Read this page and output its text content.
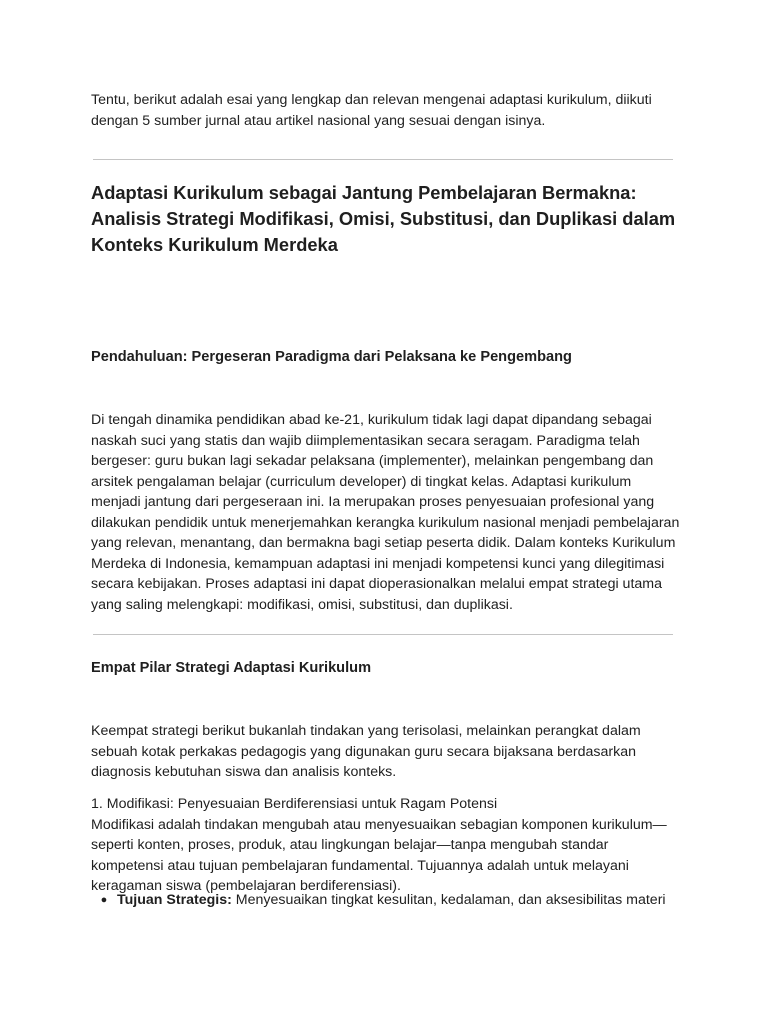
Tentu, berikut adalah esai yang lengkap dan relevan mengenai adaptasi kurikulum, diikuti dengan 5 sumber jurnal atau artikel nasional yang sesuai dengan isinya.

Adaptasi Kurikulum sebagai Jantung Pembelajaran Bermakna: Analisis Strategi Modifikasi, Omisi, Substitusi, dan Duplikasi dalam Konteks Kurikulum Merdeka
Pendahuluan: Pergeseran Paradigma dari Pelaksana ke Pengembang

Di tengah dinamika pendidikan abad ke-21, kurikulum tidak lagi dapat dipandang sebagai naskah suci yang statis dan wajib diimplementasikan secara seragam. Paradigma telah bergeser: guru bukan lagi sekadar pelaksana (implementer), melainkan pengembang dan arsitek pengalaman belajar (curriculum developer) di tingkat kelas. Adaptasi kurikulum menjadi jantung dari pergeseraan ini. Ia merupakan proses penyesuaian profesional yang dilakukan pendidik untuk menerjemahkan kerangka kurikulum nasional menjadi pembelajaran yang relevan, menantang, dan bermakna bagi setiap peserta didik. Dalam konteks Kurikulum Merdeka di Indonesia, kemampuan adaptasi ini menjadi kompetensi kunci yang dilegitimasi secara kebijakan. Proses adaptasi ini dapat dioperasionalkan melalui empat strategi utama yang saling melengkapi: modifikasi, omisi, substitusi, dan duplikasi.

Empat Pilar Strategi Adaptasi Kurikulum

Keempat strategi berikut bukanlah tindakan yang terisolasi, melainkan perangkat dalam sebuah kotak perkakas pedagogis yang digunakan guru secara bijaksana berdasarkan diagnosis kebutuhan siswa dan analisis konteks.

1. Modifikasi: Penyesuaian Berdiferensiasi untuk Ragam Potensi

Modifikasi adalah tindakan mengubah atau menyesuaikan sebagian komponen kurikulum—seperti konten, proses, produk, atau lingkungan belajar—tanpa mengubah standar kompetensi atau tujuan pembelajaran fundamental. Tujuannya adalah untuk melayani keragaman siswa (pembelajaran berdiferensiasi).

● Tujuan Strategis: Menyesuaikan tingkat kesulitan, kedalaman, dan aksesibilitas materi
